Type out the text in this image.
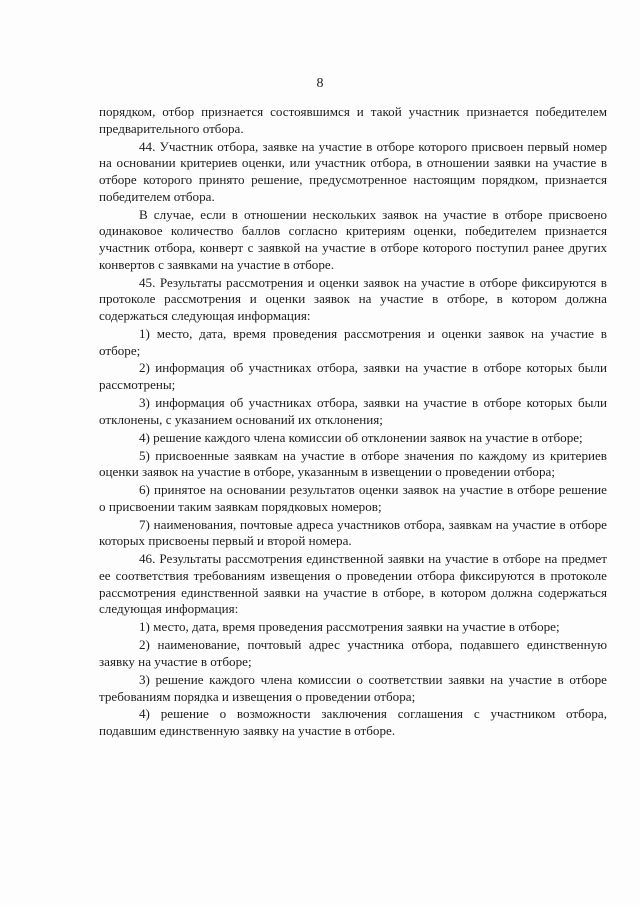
8

порядком, отбор признается состоявшимся и такой участник признается победителем предварительного отбора.

44. Участник отбора, заявке на участие в отборе которого присвоен первый номер на основании критериев оценки, или участник отбора, в отношении заявки на участие в отборе которого принято решение, предусмотренное настоящим порядком, признается победителем отбора.

В случае, если в отношении нескольких заявок на участие в отборе присвоено одинаковое количество баллов согласно критериям оценки, победителем признается участник отбора, конверт с заявкой на участие в отборе которого поступил ранее других конвертов с заявками на участие в отборе.

45. Результаты рассмотрения и оценки заявок на участие в отборе фиксируются в протоколе рассмотрения и оценки заявок на участие в отборе, в котором должна содержаться следующая информация:

1) место, дата, время проведения рассмотрения и оценки заявок на участие в отборе;

2) информация об участниках отбора, заявки на участие в отборе которых были рассмотрены;

3) информация об участниках отбора, заявки на участие в отборе которых были отклонены, с указанием оснований их отклонения;

4) решение каждого члена комиссии об отклонении заявок на участие в отборе;

5) присвоенные заявкам на участие в отборе значения по каждому из критериев оценки заявок на участие в отборе, указанным в извещении о проведении отбора;

6) принятое на основании результатов оценки заявок на участие в отборе решение о присвоении таким заявкам порядковых номеров;

7) наименования, почтовые адреса участников отбора, заявкам на участие в отборе которых присвоены первый и второй номера.

46. Результаты рассмотрения единственной заявки на участие в отборе на предмет ее соответствия требованиям извещения о проведении отбора фиксируются в протоколе рассмотрения единственной заявки на участие в отборе, в котором должна содержаться следующая информация:

1) место, дата, время проведения рассмотрения заявки на участие в отборе;

2) наименование, почтовый адрес участника отбора, подавшего единственную заявку на участие в отборе;

3) решение каждого члена комиссии о соответствии заявки на участие в отборе требованиям порядка и извещения о проведении отбора;

4) решение о возможности заключения соглашения с участником отбора, подавшим единственную заявку на участие в отборе.
